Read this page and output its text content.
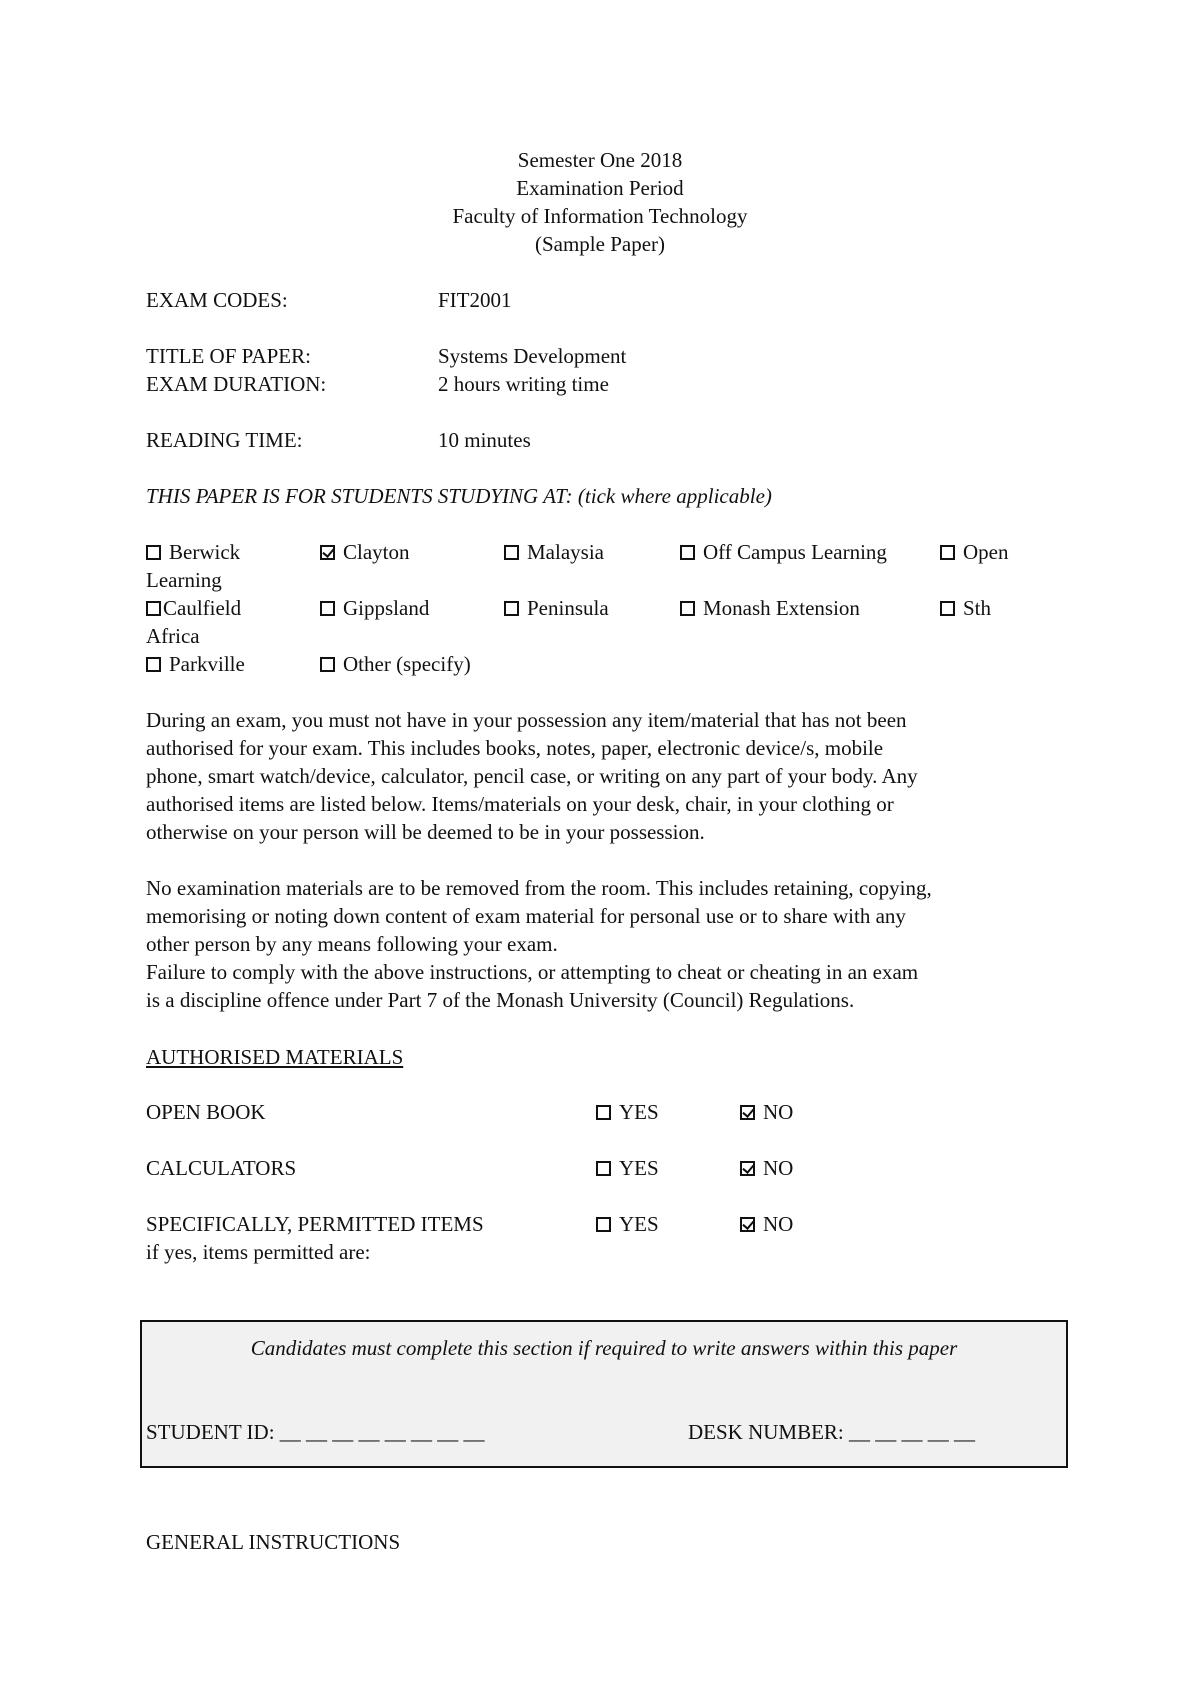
Semester One 2018
Examination Period
Faculty of Information Technology
(Sample Paper)
EXAM CODES:	FIT2001
TITLE OF PAPER:	Systems Development
EXAM DURATION:	2 hours writing time
READING TIME:	10 minutes
THIS PAPER IS FOR STUDENTS STUDYING AT: (tick where applicable)
Berwick	Clayton	Malaysia	Off Campus Learning	Open
Learning
Caulfield	Gippsland	Peninsula	Monash Extension	Sth
Africa
Parkville	Other (specify)
During an exam, you must not have in your possession any item/material that has not been
authorised for your exam. This includes books, notes, paper, electronic device/s, mobile
phone, smart watch/device, calculator, pencil case, or writing on any part of your body. Any
authorised items are listed below. Items/materials on your desk, chair, in your clothing or
otherwise on your person will be deemed to be in your possession.
No examination materials are to be removed from the room. This includes retaining, copying,
memorising or noting down content of exam material for personal use or to share with any
other person by any means following your exam.
Failure to comply with the above instructions, or attempting to cheat or cheating in an exam
is a discipline offence under Part 7 of the Monash University (Council) Regulations.
AUTHORISED MATERIALS
OPEN BOOK	YES	NO
CALCULATORS	YES	NO
SPECIFICALLY, PERMITTED ITEMS	YES	NO
if yes, items permitted are:
Candidates must complete this section if required to write answers within this paper
STUDENT ID: __ __ __ __ __ __ __ __	DESK NUMBER: __ __ __ __ __
GENERAL INSTRUCTIONS
